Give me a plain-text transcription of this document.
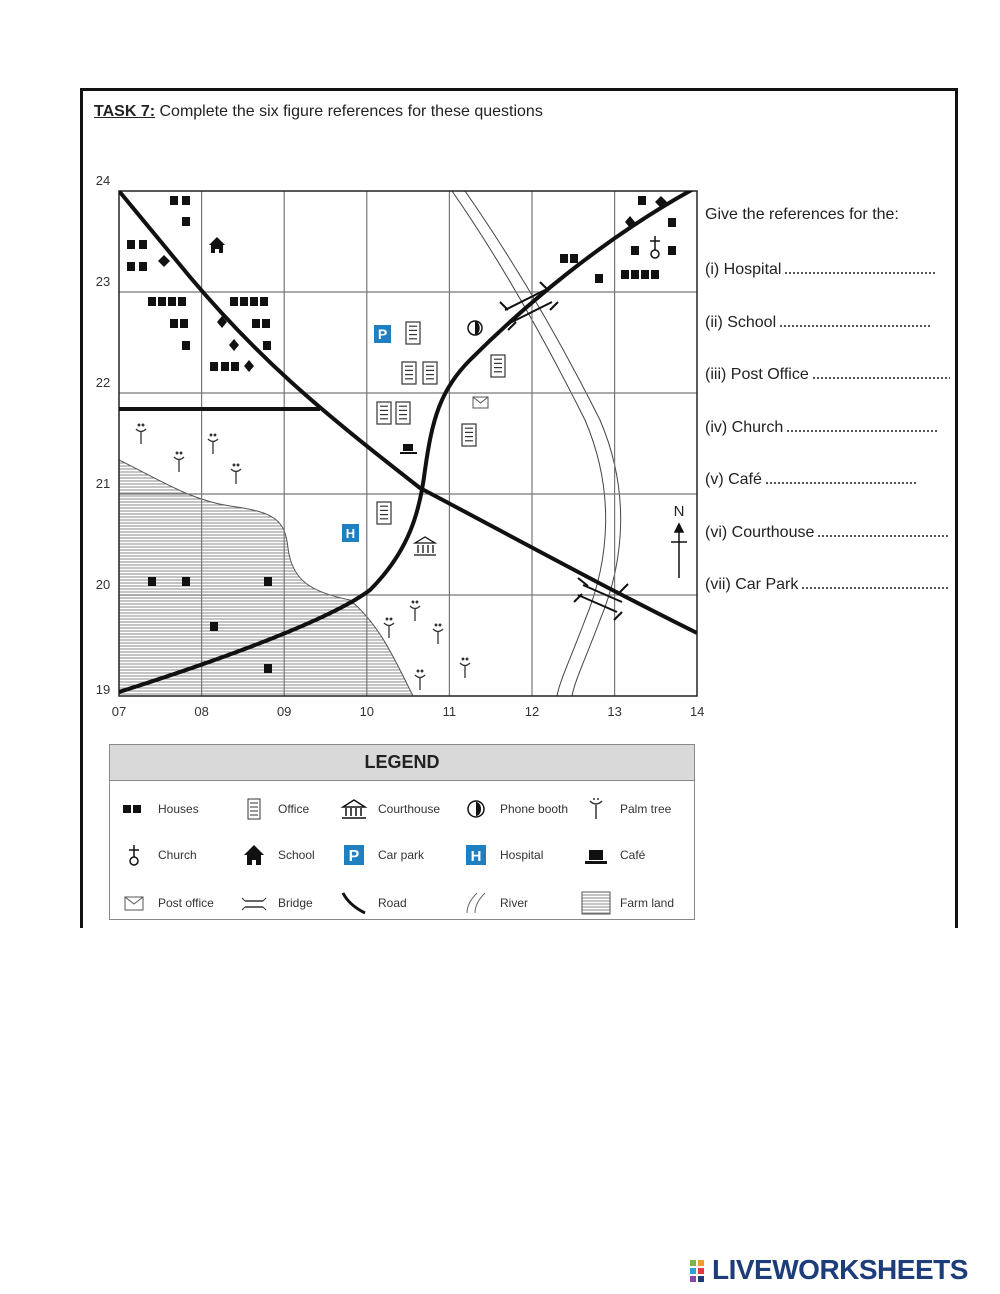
TASK 7: Complete the six figure references for these questions
P
H
N
07	08	09	10	11	12	13	14
24
23
22
21
20
19
Give the references for the:
(i) Hospital
(ii) School
(iii) Post Office
(iv) Church
(v) Café
(vi) Courthouse
(vii) Car Park
LEGEND
Houses	Office	Courthouse	Phone booth	Palm tree
Church	School P Car park	H Hospital	Café
Post office	Bridge	Road	River	Farm land
LIVEWORKSHEETS
